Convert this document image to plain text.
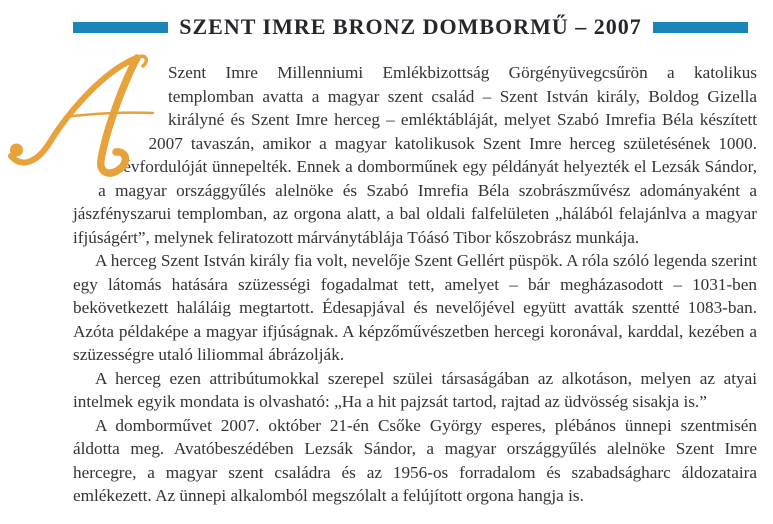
SZENT IMRE BRONZ DOMBORMŰ – 2007

Szent Imre Millenniumi Emlékbizottság Görgényüvegcsűrön a katolikus templomban avatta a magyar szent család – Szent István király, Boldog Gizella királyné és Szent Imre herceg – emléktábláját, melyet Szabó Imrefia Béla készített 2007 tavaszán, amikor a magyar katolikusok Szent Imre herceg születésének 1000. évfordulóját ünnepelték. Ennek a domborműnek egy példányát helyezték el Lezsák Sándor, a magyar országgyűlés alelnöke és Szabó Imrefia Béla szobrászművész adományaként a jászfényszarui templomban, az orgona alatt, a bal oldali falfelületen „hálából felajánlva a magyar ifjúságért”, melynek feliratozott márványtáblája Tóásó Tibor kőszobrász munkája.

A herceg Szent István király fia volt, nevelője Szent Gellért püspök. A róla szóló legenda szerint egy látomás hatására szüzességi fogadalmat tett, amelyet – bár megházasodott – 1031-ben bekövetkezett haláláig megtartott. Édesapjával és nevelőjével együtt avatták szentté 1083-ban. Azóta példaképe a magyar ifjúságnak. A képzőművészetben hercegi koronával, karddal, kezében a szüzességre utaló liliommal ábrázolják.

A herceg ezen attribútumokkal szerepel szülei társaságában az alkotáson, melyen az atyai intelmek egyik mondata is olvasható: „Ha a hit pajzsát tartod, rajtad az üdvösség sisakja is.”

A domborművet 2007. október 21-én Csőke György esperes, plébános ünnepi szentmisén áldotta meg. Avatóbeszédében Lezsák Sándor, a magyar országgyűlés alelnöke Szent Imre hercegre, a magyar szent családra és az 1956-os forradalom és szabadságharc áldozataira emlékezett. Az ünnepi alkalomból megszólalt a felújított orgona hangja is.
